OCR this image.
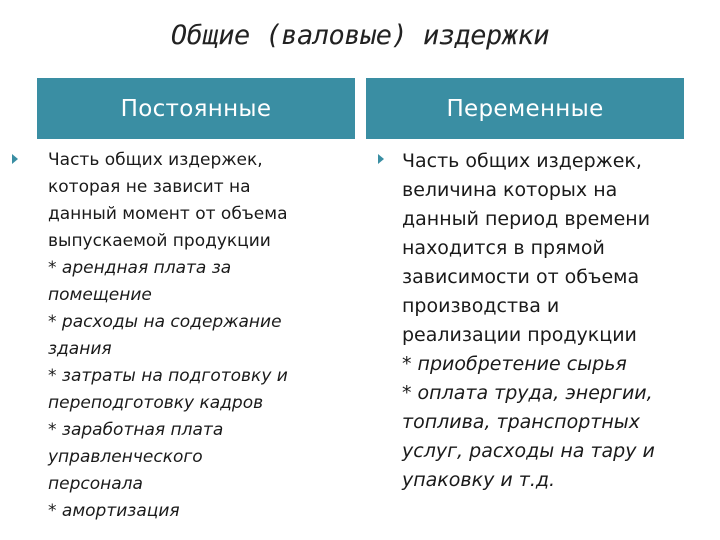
Общие (валовые) издержки
Постоянные	Переменные
Часть общих издержек,
которая не зависит на
данный момент от объема
выпускаемой продукции
* арендная плата за
помещение
* расходы на содержание
здания
* затраты на подготовку и
переподготовку кадров
* заработная плата
управленческого
персонала
* амортизация
Часть общих издержек,
величина которых на
данный период времени
находится в прямой
зависимости от объема
производства и
реализации продукции
* приобретение сырья
* оплата труда, энергии,
топлива, транспортных
услуг, расходы на тару и
упаковку и т.д.
